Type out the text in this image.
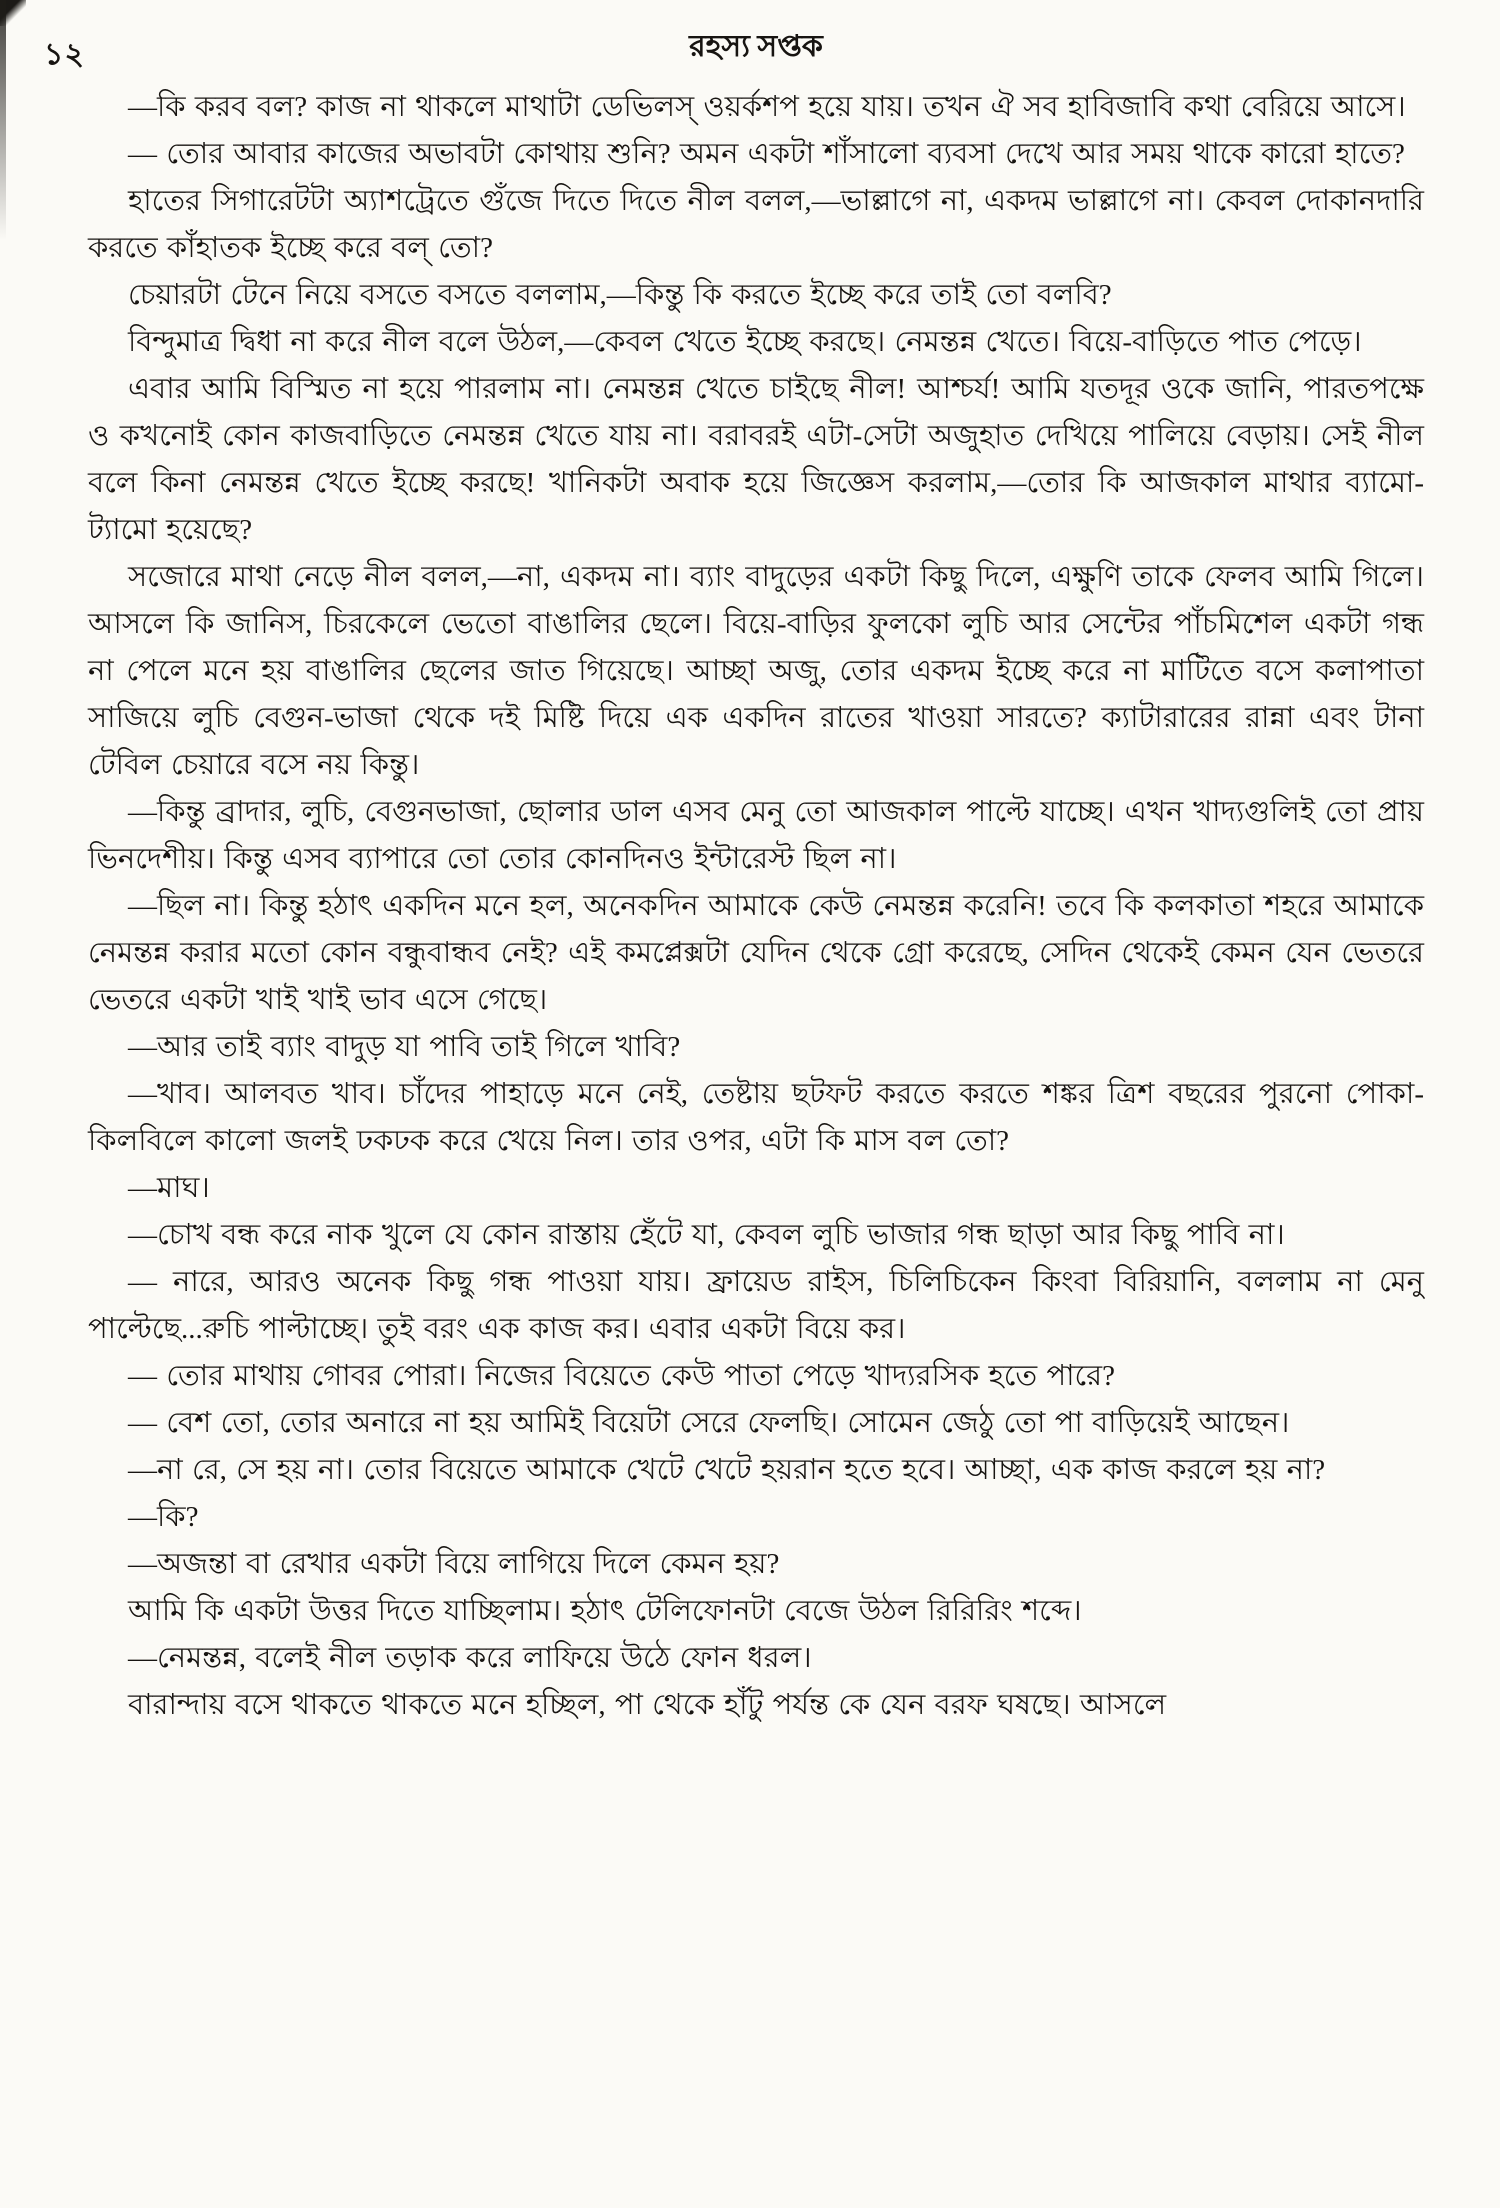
১২	রহস্য সপ্তক

—কি করব বল? কাজ না থাকলে মাথাটা ডেভিলস্‌ ওয়র্কশপ হয়ে যায়। তখন ঐ সব হাবিজাবি কথা বেরিয়ে আসে।

— তোর আবার কাজের অভাবটা কোথায় শুনি? অমন একটা শাঁসালো ব্যবসা দেখে আর সময় থাকে কারো হাতে?

হাতের সিগারেটটা অ্যাশট্রেতে গুঁজে দিতে দিতে নীল বলল,—ভাল্লাগে না, একদম ভাল্লাগে না। কেবল দোকানদারি করতে কাঁহাতক ইচ্ছে করে বল্‌ তো?

চেয়ারটা টেনে নিয়ে বসতে বসতে বললাম,—কিন্তু কি করতে ইচ্ছে করে তাই তো বলবি?

বিন্দুমাত্র দ্বিধা না করে নীল বলে উঠল,—কেবল খেতে ইচ্ছে করছে। নেমন্তন্ন খেতে। বিয়ে-বাড়িতে পাত পেড়ে।

এবার আমি বিস্মিত না হয়ে পারলাম না। নেমন্তন্ন খেতে চাইছে নীল! আশ্চর্য! আমি যতদূর ওকে জানি, পারতপক্ষে ও কখনোই কোন কাজবাড়িতে নেমন্তন্ন খেতে যায় না। বরাবরই এটা-সেটা অজুহাত দেখিয়ে পালিয়ে বেড়ায়। সেই নীল বলে কিনা নেমন্তন্ন খেতে ইচ্ছে করছে! খানিকটা অবাক হয়ে জিজ্ঞেস করলাম,—তোর কি আজকাল মাথার ব্যামো-ট্যামো হয়েছে?

সজোরে মাথা নেড়ে নীল বলল,—না, একদম না। ব্যাং বাদুড়ের একটা কিছু দিলে, এক্ষুণি তাকে ফেলব আমি গিলে। আসলে কি জানিস, চিরকেলে ভেতো বাঙালির ছেলে। বিয়ে-বাড়ির ফুলকো লুচি আর সেন্টের পাঁচমিশেল একটা গন্ধ না পেলে মনে হয় বাঙালির ছেলের জাত গিয়েছে। আচ্ছা অজু, তোর একদম ইচ্ছে করে না মাটিতে বসে কলাপাতা সাজিয়ে লুচি বেগুন-ভাজা থেকে দই মিষ্টি দিয়ে এক একদিন রাতের খাওয়া সারতে? ক্যাটারারের রান্না এবং টানা টেবিল চেয়ারে বসে নয় কিন্তু।

—কিন্তু ব্রাদার, লুচি, বেগুনভাজা, ছোলার ডাল এসব মেনু তো আজকাল পাল্টে যাচ্ছে। এখন খাদ্যগুলিই তো প্রায় ভিনদেশীয়। কিন্তু এসব ব্যাপারে তো তোর কোনদিনও ইন্টারেস্ট ছিল না।

—ছিল না। কিন্তু হঠাৎ একদিন মনে হল, অনেকদিন আমাকে কেউ নেমন্তন্ন করেনি! তবে কি কলকাতা শহরে আমাকে নেমন্তন্ন করার মতো কোন বন্ধুবান্ধব নেই? এই কমপ্লেক্সটা যেদিন থেকে গ্রো করেছে, সেদিন থেকেই কেমন যেন ভেতরে ভেতরে একটা খাই খাই ভাব এসে গেছে।

—আর তাই ব্যাং বাদুড় যা পাবি তাই গিলে খাবি?

—খাব। আলবত খাব। চাঁদের পাহাড়ে মনে নেই, তেষ্টায় ছটফট করতে করতে শঙ্কর ত্রিশ বছরের পুরনো পোকা-কিলবিলে কালো জলই ঢকঢক করে খেয়ে নিল। তার ওপর, এটা কি মাস বল তো?

—মাঘ।

—চোখ বন্ধ করে নাক খুলে যে কোন রাস্তায় হেঁটে যা, কেবল লুচি ভাজার গন্ধ ছাড়া আর কিছু পাবি না।

— নারে, আরও অনেক কিছু গন্ধ পাওয়া যায়। ফ্রায়েড রাইস, চিলিচিকেন কিংবা বিরিয়ানি, বললাম না মেনু পাল্টেছে...রুচি পাল্টাচ্ছে। তুই বরং এক কাজ কর। এবার একটা বিয়ে কর।

— তোর মাথায় গোবর পোরা। নিজের বিয়েতে কেউ পাতা পেড়ে খাদ্যরসিক হতে পারে?

— বেশ তো, তোর অনারে না হয় আমিই বিয়েটা সেরে ফেলছি। সোমেন জেঠু তো পা বাড়িয়েই আছেন।

—না রে, সে হয় না। তোর বিয়েতে আমাকে খেটে খেটে হয়রান হতে হবে। আচ্ছা, এক কাজ করলে হয় না?

—কি?

—অজন্তা বা রেখার একটা বিয়ে লাগিয়ে দিলে কেমন হয়?

আমি কি একটা উত্তর দিতে যাচ্ছিলাম। হঠাৎ টেলিফোনটা বেজে উঠল রিরিরিং শব্দে।

—নেমন্তন্ন, বলেই নীল তড়াক করে লাফিয়ে উঠে ফোন ধরল।

বারান্দায় বসে থাকতে থাকতে মনে হচ্ছিল, পা থেকে হাঁটু পর্যন্ত কে যেন বরফ ঘষছে। আসলে
